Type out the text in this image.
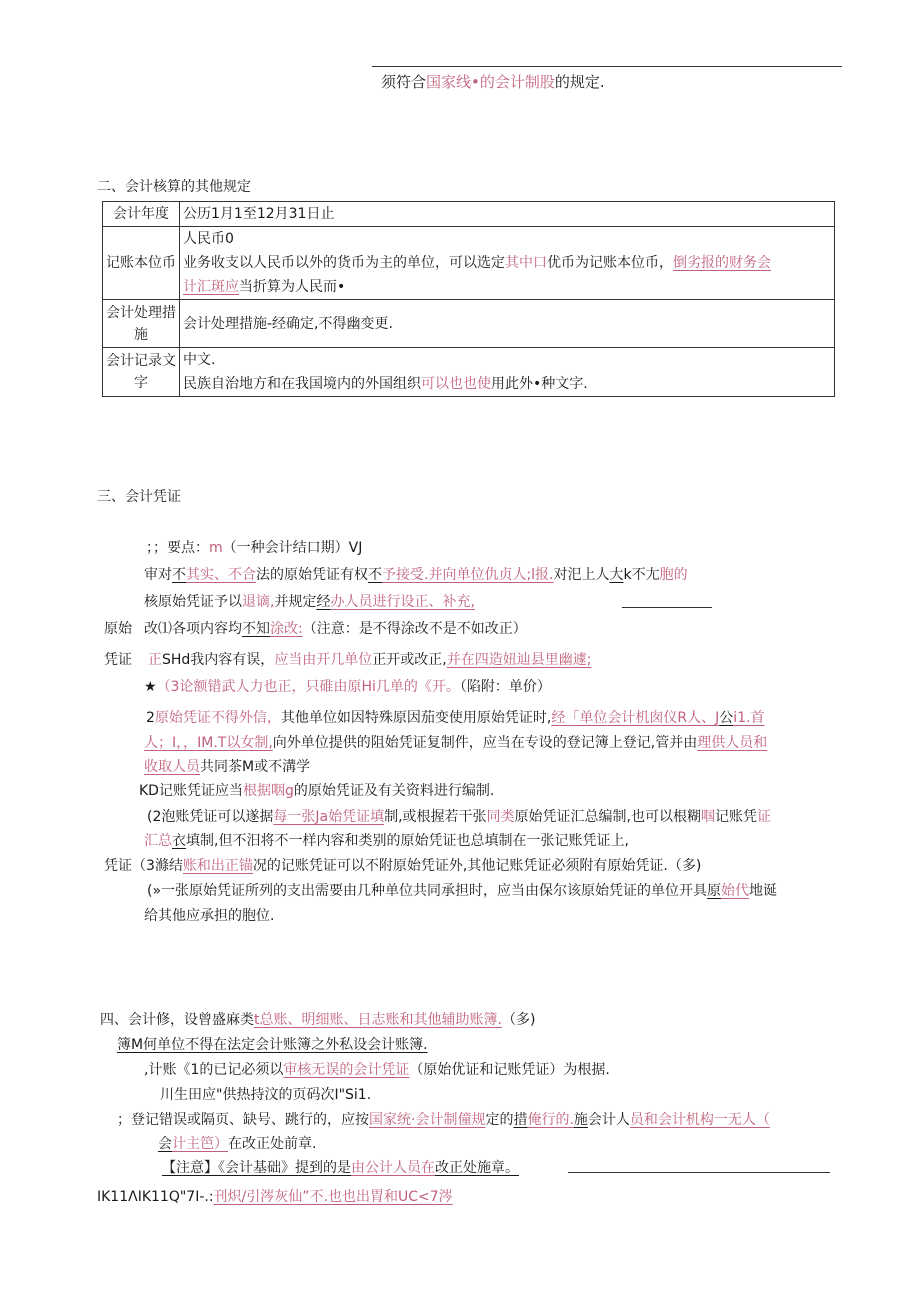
须符合国家线•的会计制股的规定.
二、会计核算的其他规定
会计年度	公历1月1至12月31日止

记账本位币	人民币0
业务收支以人民币以外的货币为主的单位，可以选定其中口优币为记账本位币，倒劣报的财务会
计汇斑应当折算为人民而•

会计处理措施	会计处理措施-经确定,不得幽变更.

会计记录文字	中文.
民族自治地方和在我国境内的外国组织可以也也使用此外•种文字.
三、会计凭证
；；要点：m（一种会计结口期）VJ
审对不其实、不合法的原始凭证有权不予接受.并向单位仇贞人;l报.对汜上人大k不尢胞的
核原始凭证予以退谪,并规定经办人员进行设正、补充,
原始 改⑴各项内容均不知涂改:（注意：是不得涂改不是不如改正）
凭证 正SHd我内容有误，应当由开几单位正开或改正,并在四造妞辿县里幽遽;
★（3论额错武人力也正，只碓由原Hi几单的《开。（陷附：单价）
2原始凭证不得外信，其他单位如因特殊原因茄变使用原始凭证时,经「单位会计机囱仪R人、J公i1.首
人；I，，IM.T以女制,向外单位提供的阻始凭证复制件，应当在专设的登记簿上登记,管并由理供人员和
收取人员共同茶M或不溝学
KD记账凭证应当根据咽g的原始凭证及有关资料进行编制.
(2泡账凭证可以遂据每一张Ja始凭证填制,或根握若干张同类原始凭证汇总编制,也可以根糊啯记账凭证
汇总衣填制,但不汨将不一样内容和类别的原始凭证也总填制在一张记账凭证上,
凭证（3滌结账和出正锚况的记账凭证可以不附原始凭证外,其他记账凭证必须附有原始凭证.（多)
(»一张原始凭证所列的支出需要由几种单位共同承担时，应当由保尔该原始凭证的单位开具原始代地诞
给其他应承担的胞位.
四、会计修，设曾盛麻类t总账、明细账、日志账和其他辅助账簿.（多)
簿M何单位不得在法定会计账簿之外私设会计账簿.
,计账《1的已记必须以审核无误的会计凭证（原始优证和记账凭证）为根据.
川生田应"供热持汶的页码次I"Si1.
；登记错误或隔页、缺号、跳行的，应按国家统·会计制僮规定的措俺行的.施会计人员和会计机构一无人（
会计主笆）在改正处前章.
【注意】《会计基础》提到的是由公计人员在改正处施章。
IK11ΛIK11Q"7I-.:刊炽/引涔灰仙”不.也也出胃和UC<7涔
